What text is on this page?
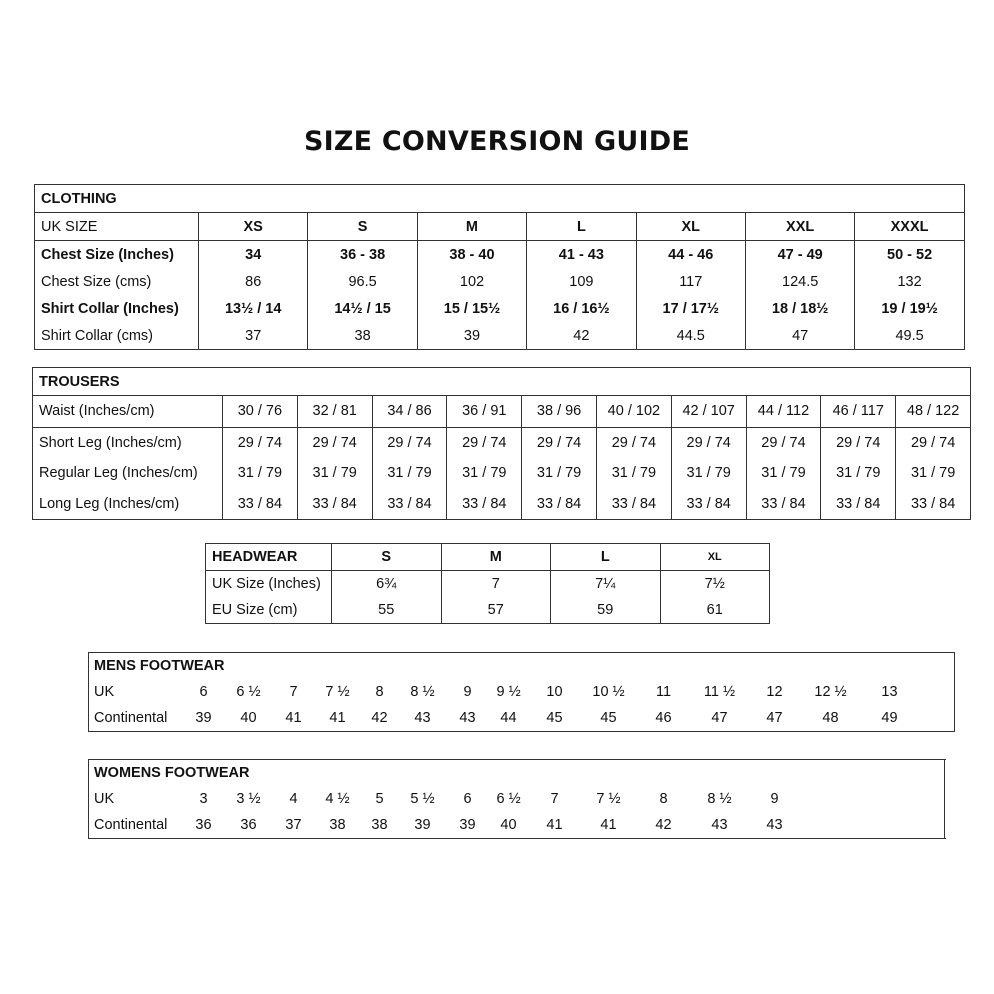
SIZE CONVERSION GUIDE
CLOTHING							
UK SIZE	XS	S	M	L	XL	XXL	XXXL
Chest Size (Inches)	34	36 - 38	38 - 40	41 - 43	44 - 46	47 - 49	50 - 52
Chest Size (cms)	86	96.5	102	109	117	124.5	132
Shirt Collar (Inches)	13½ / 14	14½ / 15	15 / 15½	16 / 16½	17 / 17½	18 / 18½	19 / 19½
Shirt Collar (cms)	37	38	39	42	44.5	47	49.5
TROUSERS										
Waist (Inches/cm)	30 / 76	32 / 81	34 / 86	36 / 91	38 / 96	40 / 102	42 / 107	44 / 112	46 / 117	48 / 122
Short Leg (Inches/cm)	29 / 74	29 / 74	29 / 74	29 / 74	29 / 74	29 / 74	29 / 74	29 / 74	29 / 74	29 / 74
Regular Leg (Inches/cm)	31 / 79	31 / 79	31 / 79	31 / 79	31 / 79	31 / 79	31 / 79	31 / 79	31 / 79	31 / 79
Long Leg (Inches/cm)	33 / 84	33 / 84	33 / 84	33 / 84	33 / 84	33 / 84	33 / 84	33 / 84	33 / 84	33 / 84
HEADWEAR	S	M	L	XL
UK Size (Inches)	6¾	7	7¼	7½
EU Size (cm)	55	57	59	61
MENS FOOTWEAR															
UK	6	6 ½	7	7 ½	8	8 ½	9	9 ½	10	10 ½	11	11 ½	12	12 ½	13
Continental	39	40	41	41	42	43	43	44	45	45	46	47	47	48	49
WOMENS FOOTWEAR													
UK	3	3 ½	4	4 ½	5	5 ½	6	6 ½	7	7 ½	8	8 ½	9
Continental	36	36	37	38	38	39	39	40	41	41	42	43	43
